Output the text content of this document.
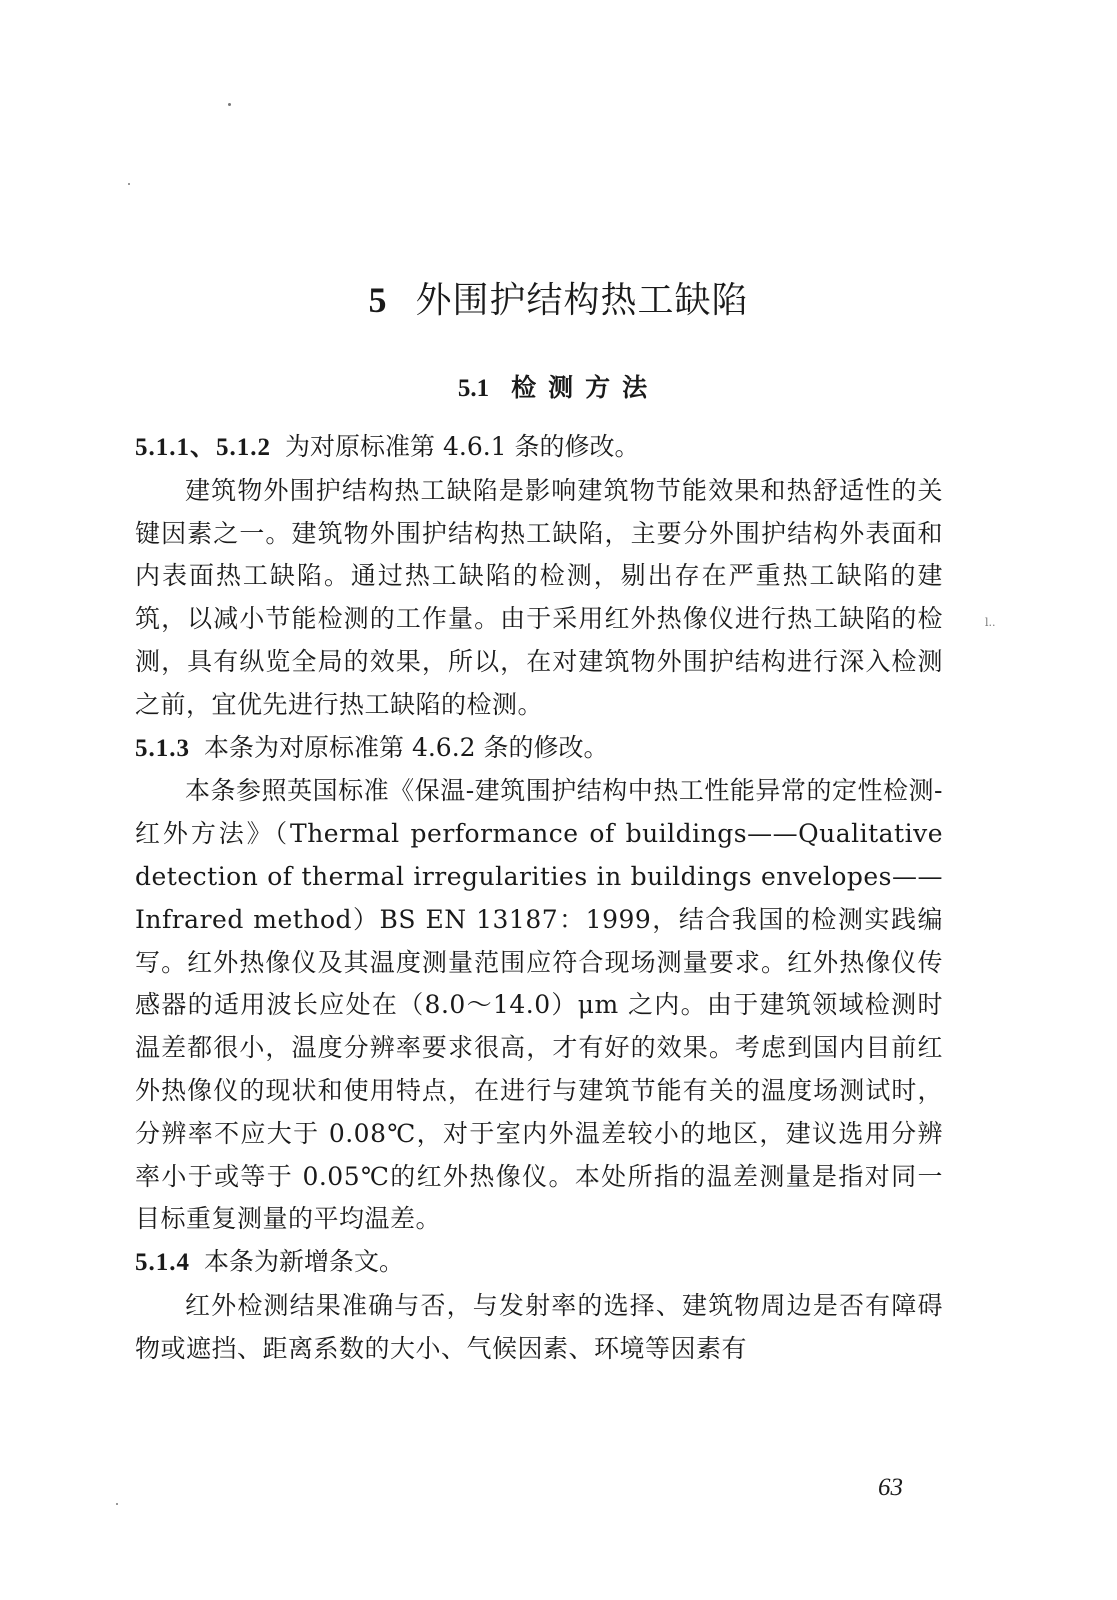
5 外围护结构热工缺陷
5.1 检测方法

5.1.1、5.1.2 为对原标准第 4.6.1 条的修改。

建筑物外围护结构热工缺陷是影响建筑物节能效果和热舒适性的关键因素之一。建筑物外围护结构热工缺陷，主要分外围护结构外表面和内表面热工缺陷。通过热工缺陷的检测，剔出存在严重热工缺陷的建筑，以减小节能检测的工作量。由于采用红外热像仪进行热工缺陷的检测，具有纵览全局的效果，所以，在对建筑物外围护结构进行深入检测之前，宜优先进行热工缺陷的检测。

5.1.3 本条为对原标准第 4.6.2 条的修改。

本条参照英国标准《保温-建筑围护结构中热工性能异常的定性检测-红外方法》（Thermal performance of buildings——Qualitative detection of thermal irregularities in buildings envelopes——Infrared method）BS EN 13187：1999，结合我国的检测实践编写。红外热像仪及其温度测量范围应符合现场测量要求。红外热像仪传感器的适用波长应处在（8.0～14.0）μm 之内。由于建筑领域检测时温差都很小，温度分辨率要求很高，才有好的效果。考虑到国内目前红外热像仪的现状和使用特点，在进行与建筑节能有关的温度场测试时，分辨率不应大于 0.08℃，对于室内外温差较小的地区，建议选用分辨率小于或等于 0.05℃的红外热像仪。本处所指的温差测量是指对同一目标重复测量的平均温差。

5.1.4 本条为新增条文。

红外检测结果准确与否，与发射率的选择、建筑物周边是否有障碍物或遮挡、距离系数的大小、气候因素、环境等因素有

l..
63
